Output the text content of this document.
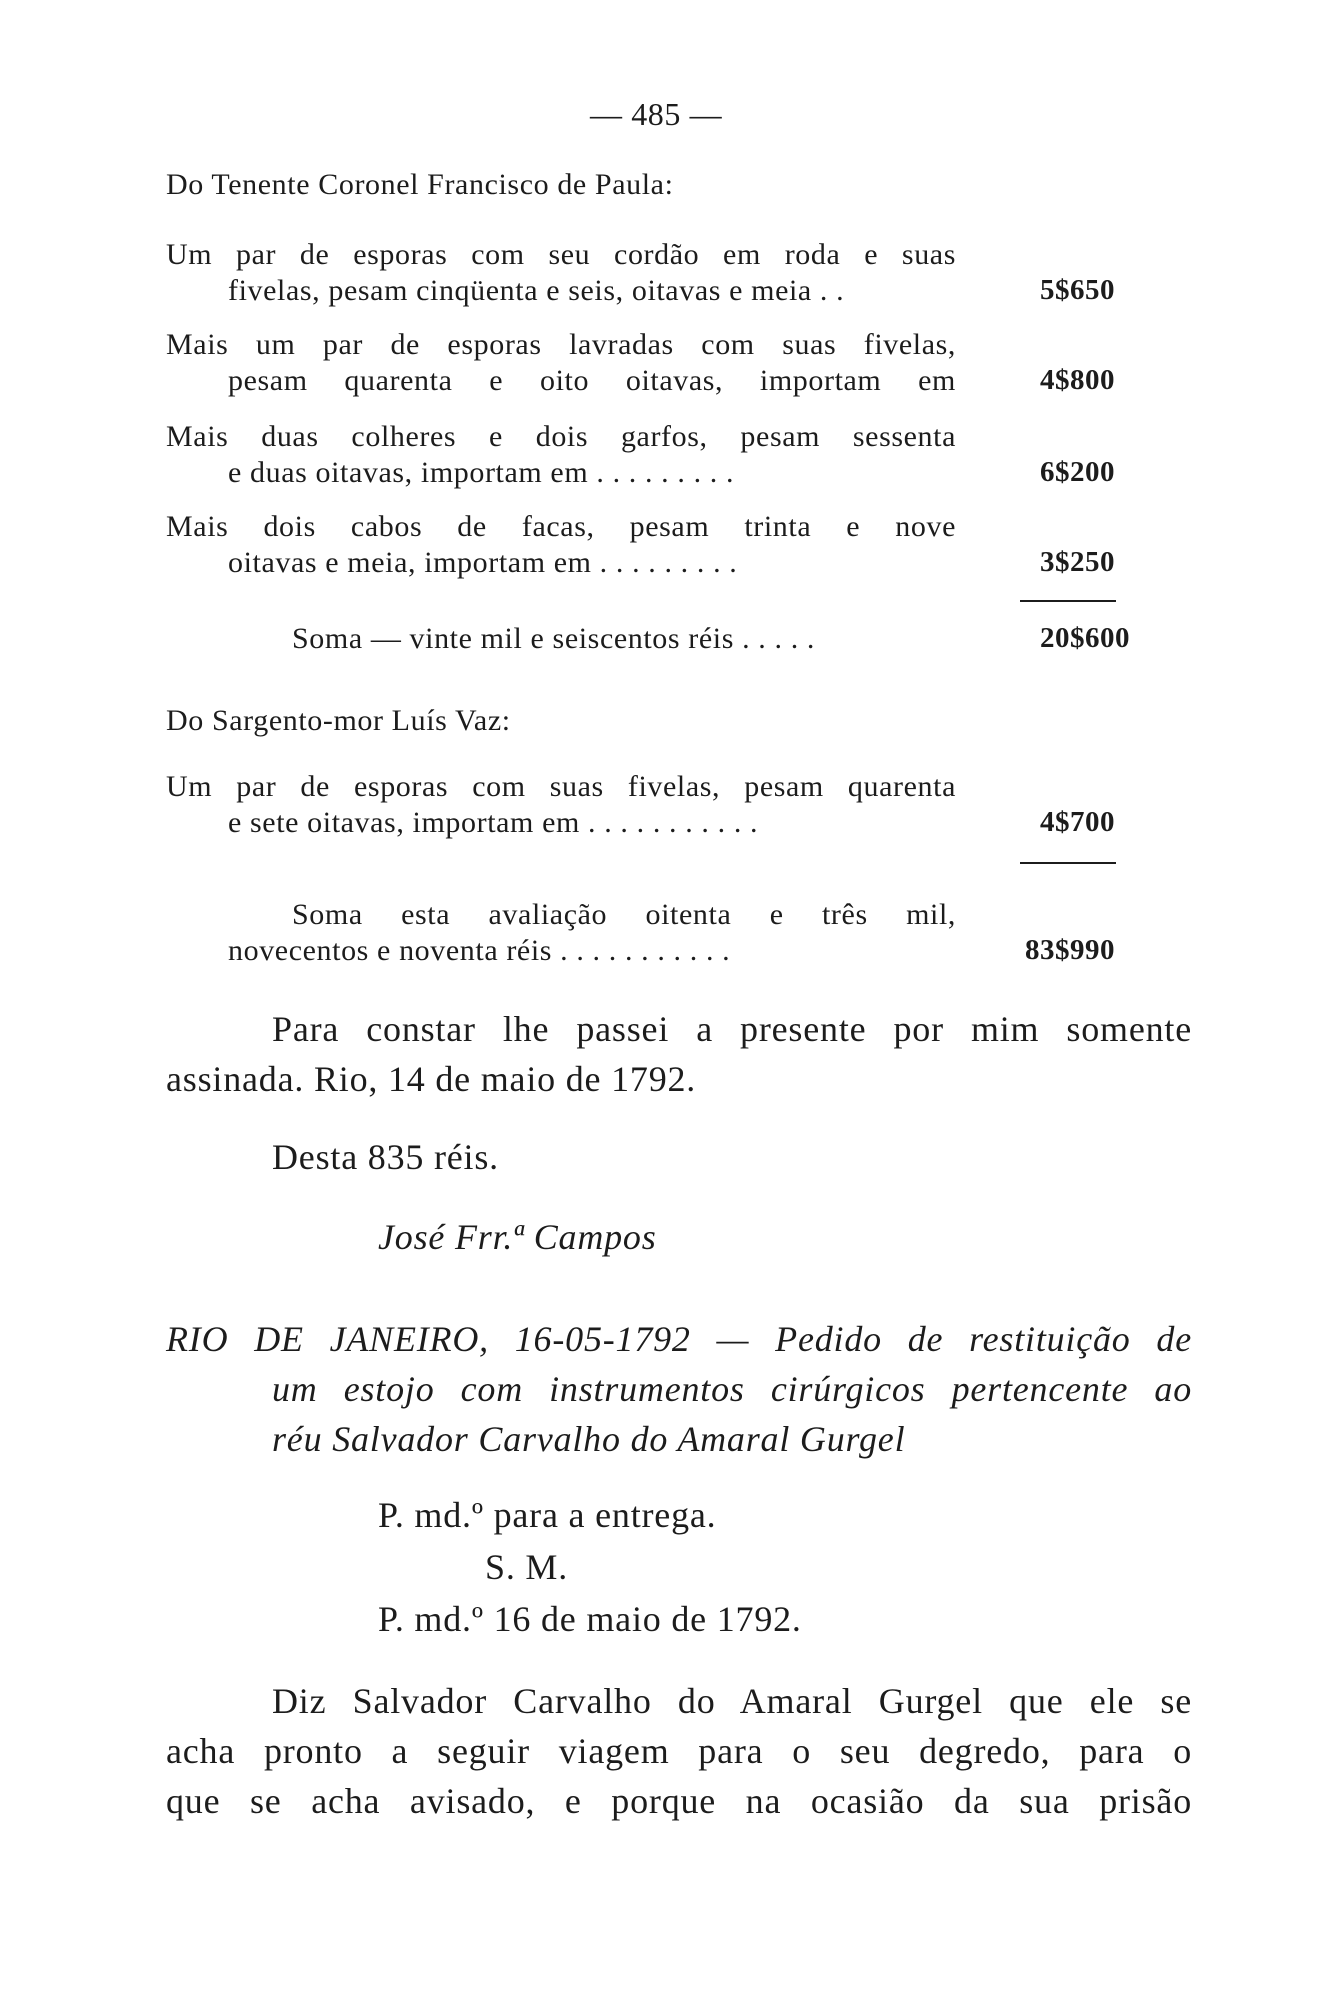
— 485 —
Do Tenente Coronel Francisco de Paula:
Um par de esporas com seu cordão em roda e suas
fivelas, pesam cinqüenta e seis, oitavas e meia . .	5$650
Mais um par de esporas lavradas com suas fivelas,
pesam quarenta e oito oitavas, importam em	4$800
Mais duas colheres e dois garfos, pesam sessenta
e duas oitavas, importam em . . . . . . . . .	6$200
Mais dois cabos de facas, pesam trinta e nove
oitavas e meia, importam em . . . . . . . . .	3$250
Soma — vinte mil e seiscentos réis . . . . .	20$600
Do Sargento-mor Luís Vaz:
Um par de esporas com suas fivelas, pesam quarenta
e sete oitavas, importam em . . . . . . . . . . .	4$700
Soma esta avaliação oitenta e três mil,
novecentos e noventa réis . . . . . . . . . . .	83$990
Para constar lhe passei a presente por mim somente
assinada. Rio, 14 de maio de 1792.
Desta 835 réis.
José Frr.ª Campos
RIO DE JANEIRO, 16-05-1792 — Pedido de restituição de
um estojo com instrumentos cirúrgicos pertencente ao
réu Salvador Carvalho do Amaral Gurgel
P. md.º para a entrega.
S. M.
P. md.º 16 de maio de 1792.
Diz Salvador Carvalho do Amaral Gurgel que ele se
acha pronto a seguir viagem para o seu degredo, para o
que se acha avisado, e porque na ocasião da sua prisão
